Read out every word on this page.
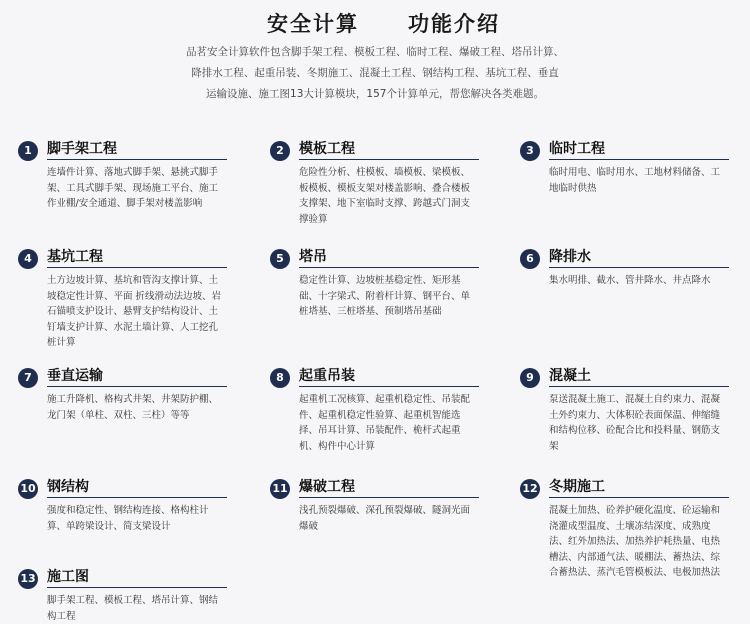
安全计算 功能介绍
品茗安全计算软件包含脚手架工程、模板工程、临时工程、爆破工程、塔吊计算、
降排水工程、起重吊装、冬期施工、混凝土工程、钢结构工程、基坑工程、垂直
运输设施、施工图13大计算模块，157个计算单元，帮您解决各类难题。
1	脚手架工程
连墙件计算、落地式脚手架、悬挑式脚手架、工具式脚手架、现场施工平台、施工作业棚/安全通道、脚手架对楼盖影响
2	模板工程
危险性分析、柱模板、墙模板、梁模板、板模板、模板支架对楼盖影响、叠合楼板支撑架、地下室临时支撑、跨越式门洞支撑验算
3	临时工程
临时用电、临时用水、工地材料储备、工地临时供热
4	基坑工程
土方边坡计算、基坑和管沟支撑计算、土坡稳定性计算、平面 折线滑动法边坡、岩石锚喷支护设计、悬臂支护结构设计、土钉墙支护计算、水泥土墙计算、人工挖孔桩计算
5	塔吊
稳定性计算、边坡桩基稳定性、矩形基础、十字梁式、附着杆计算、钢平台、单桩塔基、三桩塔基、预制塔吊基础
6	降排水
集水明排、截水、管井降水、井点降水
7	垂直运输
施工升降机、格构式井架、井架防护棚、龙门架（单柱、双柱、三柱）等等
8	起重吊装
起重机工况核算、起重机稳定性、吊装配件、起重机稳定性验算、起重机智能选择、吊耳计算、吊装配件、桅杆式起重机、构件中心计算
9	混凝土
泵送混凝土施工、混凝土自约束力、混凝土外约束力、大体积砼表面保温、伸缩缝和结构位移、砼配合比和投料量、钢筋支架
10 钢结构
强度和稳定性、钢结构连接、格构柱计算、单跨梁设计、简支梁设计
11 爆破工程
浅孔预裂爆破、深孔预裂爆破、隧洞光面爆破
12 冬期施工
混凝土加热、砼养护硬化温度、砼运输和浇灌成型温度、土壤冻结深度、成熟度法、红外加热法、加热养护耗热量、电热槽法、内部通气法、暖棚法、蓄热法、综合蓄热法、蒸汽毛管模板法、电极加热法
13 施工图
脚手架工程、模板工程、塔吊计算、钢结构工程
